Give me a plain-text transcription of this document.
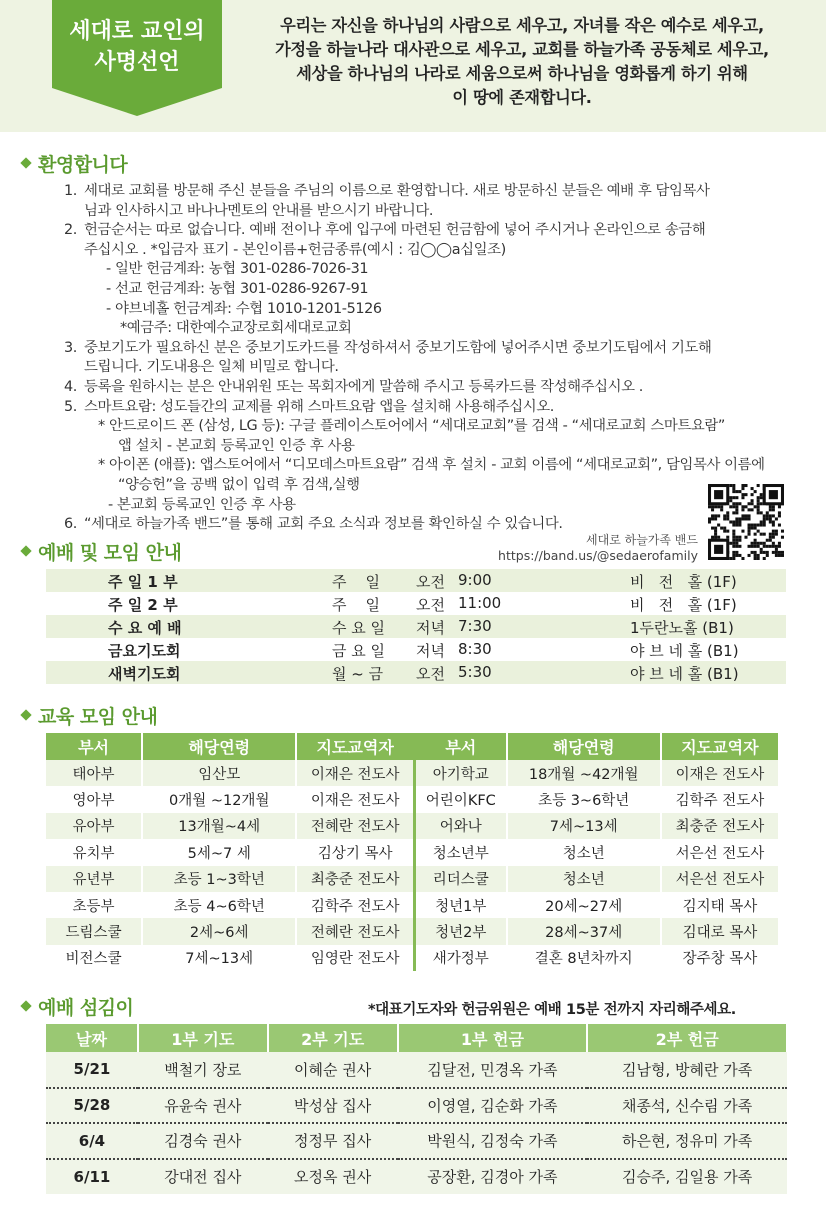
세대로 교인의
사명선언
우리는 자신을 하나님의 사람으로 세우고, 자녀를 작은 예수로 세우고,
가정을 하늘나라 대사관으로 세우고, 교회를 하늘가족 공동체로 세우고,
세상을 하나님의 나라로 세움으로써 하나님을 영화롭게 하기 위해
이 땅에 존재합니다.
환영합니다
1. 세대로 교회를 방문해 주신 분들을 주님의 이름으로 환영합니다. 새로 방문하신 분들은 예배 후 담임목사
님과 인사하시고 바나나멘토의 안내를 받으시기 바랍니다.
2. 헌금순서는 따로 없습니다. 예배 전이나 후에 입구에 마련된 헌금함에 넣어 주시거나 온라인으로 송금해
주십시오 . *입금자 표기 - 본인이름+헌금종류(예시 : 김◯◯a십일조)
- 일반 헌금계좌: 농협 301-0286-7026-31
- 선교 헌금계좌: 농협 301-0286-9267-91
- 야브네홀 헌금계좌: 수협 1010-1201-5126
*예금주: 대한예수교장로회세대로교회
3. 중보기도가 필요하신 분은 중보기도카드를 작성하셔서 중보기도함에 넣어주시면 중보기도팀에서 기도해
드립니다. 기도내용은 일체 비밀로 합니다.
4. 등록을 원하시는 분은 안내위원 또는 목회자에게 말씀해 주시고 등록카드를 작성해주십시오 .
5. 스마트요람: 성도들간의 교제를 위해 스마트요람 앱을 설치해 사용해주십시오.
* 안드로이드 폰 (삼성, LG 등): 구글 플레이스토어에서 “세대로교회”를 검색 - “세대로교회 스마트요람”
앱 설치 - 본교회 등록교인 인증 후 사용
* 아이폰 (애플): 앱스토어에서 “디모데스마트요람” 검색 후 설치 - 교회 이름에 “세대로교회”, 담임목사 이름에
“양승헌”을 공백 없이 입력 후 검색,실행
- 본교회 등록교인 인증 후 사용
6. “세대로 하늘가족 밴드”를 통해 교회 주요 소식과 정보를 확인하실 수 있습니다.
세대로 하늘가족 밴드
https://band.us/@sedaerofamily
예배 및 모임 안내
주 일 1 부	주    일 오전 9:00	비   전   홀 (1F)
주 일 2 부	주    일 오전 11:00	비   전   홀 (1F)
수 요 예 배	수 요 일 저녁 7:30	1두란노홀 (B1)
금요기도회	금 요 일 저녁 8:30	야 브 네 홀 (B1)
새벽기도회	월 ~ 금 오전 5:30	야 브 네 홀 (B1)
교육 모임 안내
부서	해당연령	지도교역자	부서	해당연령	지도교역자
태아부	임산모	이재은 전도사	아기학교	18개월 ~42개월	이재은 전도사
영아부	0개월 ~12개월	이재은 전도사	어린이KFC	초등 3~6학년	김학주 전도사
유아부	13개월~4세	전혜란 전도사	어와나	7세~13세	최충준 전도사
유치부	5세~7 세	김상기 목사	청소년부	청소년	서은선 전도사
유년부	초등 1~3학년	최충준 전도사	리더스쿨	청소년	서은선 전도사
초등부	초등 4~6학년	김학주 전도사	청년1부	20세~27세	김지태 목사
드림스쿨	2세~6세	전혜란 전도사	청년2부	28세~37세	김대로 목사
비전스쿨	7세~13세	임영란 전도사	새가정부	결혼 8년차까지	장주창 목사
예배 섬김이	*대표기도자와 헌금위원은 예배 15분 전까지 자리해주세요.
날짜	1부 기도	2부 기도	1부 헌금	2부 헌금
5/21	백철기 장로	이혜순 권사	김달전, 민경옥 가족	김남형, 방혜란 가족
5/28	유윤숙 권사	박성삼 집사	이영열, 김순화 가족	채종석, 신수림 가족
6/4	김경숙 권사	정정무 집사	박원식, 김정숙 가족	하은현, 정유미 가족
6/11	강대전 집사	오정옥 권사	공장환, 김경아 가족	김승주, 김일용 가족
